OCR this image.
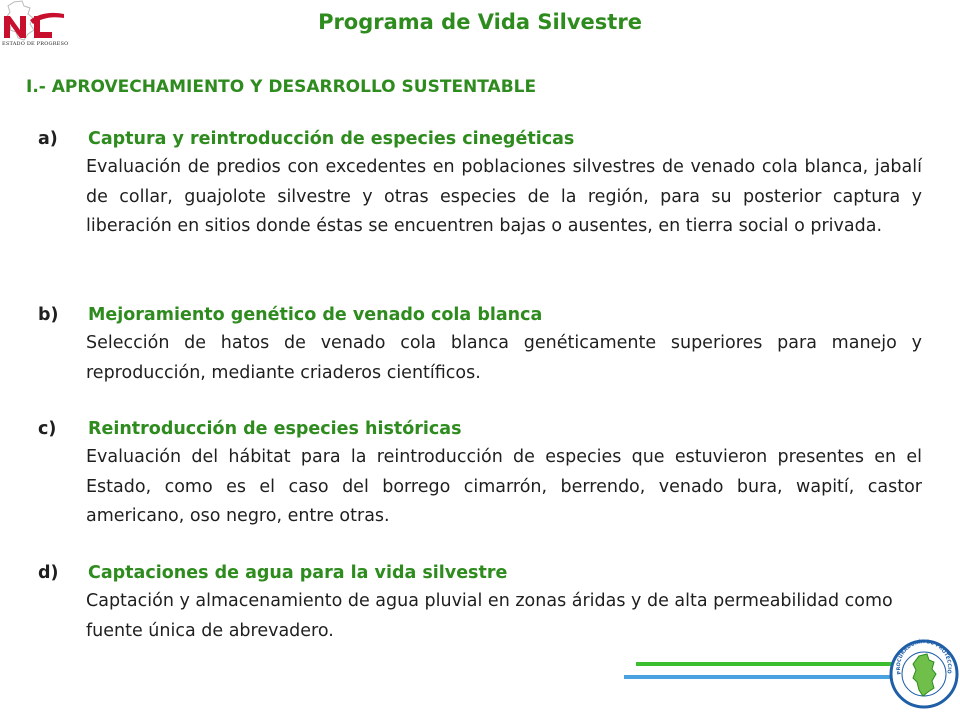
ESTADO DE PROGRESO
Programa de Vida Silvestre
I.- APROVECHAMIENTO Y DESARROLLO SUSTENTABLE
a) Captura y reintroducción de especies cinegéticas

Evaluación de predios con excedentes en poblaciones silvestres de venado cola blanca, jabalí de collar, guajolote silvestre y otras especies de la región, para su posterior captura y liberación en sitios donde éstas se encuentren bajas o ausentes, en tierra social o privada.

b) Mejoramiento genético de venado cola blanca

Selección de hatos de venado cola blanca genéticamente superiores para manejo y reproducción, mediante criaderos científicos.

c) Reintroducción de especies históricas

Evaluación del hábitat para la reintroducción de especies que estuvieron presentes en el Estado, como es el caso del borrego cimarrón, berrendo, venado bura, wapití, castor americano, oso negro, entre otras.

d) Captaciones de agua para la vida silvestre

Captación y almacenamiento de agua pluvial en zonas áridas y de alta permeabilidad como fuente única de abrevadero.

PROCURADURÍA DE PROTECCIÓ
